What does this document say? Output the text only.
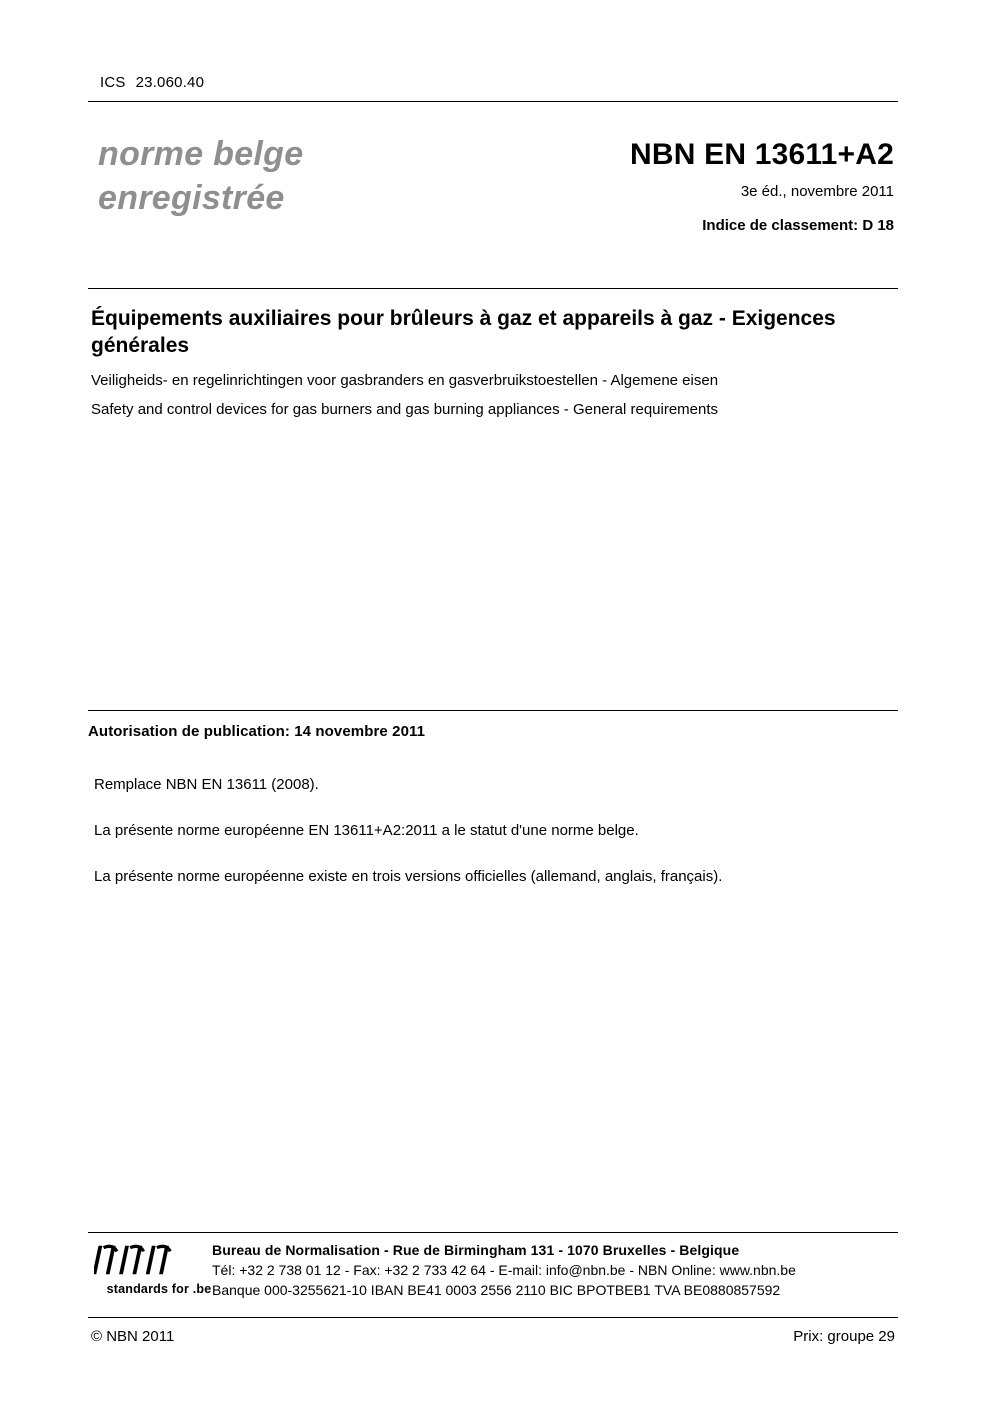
ICS 23.060.40
norme belge
enregistrée
NBN EN 13611+A2
3e éd., novembre 2011
Indice de classement: D 18
Équipements auxiliaires pour brûleurs à gaz et appareils à gaz - Exigences générales
Veiligheids- en regelinrichtingen voor gasbranders en gasverbruikstoestellen - Algemene eisen
Safety and control devices for gas burners and gas burning appliances - General requirements
Autorisation de publication: 14 novembre 2011

Remplace NBN EN 13611 (2008).

La présente norme européenne EN 13611+A2:2011 a le statut d'une norme belge.

La présente norme européenne existe en trois versions officielles (allemand, anglais, français).

standards for .be
Bureau de Normalisation - Rue de Birmingham 131 - 1070 Bruxelles - Belgique
Tél: +32 2 738 01 12 - Fax: +32 2 733 42 64 - E-mail: info@nbn.be - NBN Online: www.nbn.be
Banque 000-3255621-10 IBAN BE41 0003 2556 2110 BIC BPOTBEB1 TVA BE0880857592
© NBN 2011	Prix: groupe 29
